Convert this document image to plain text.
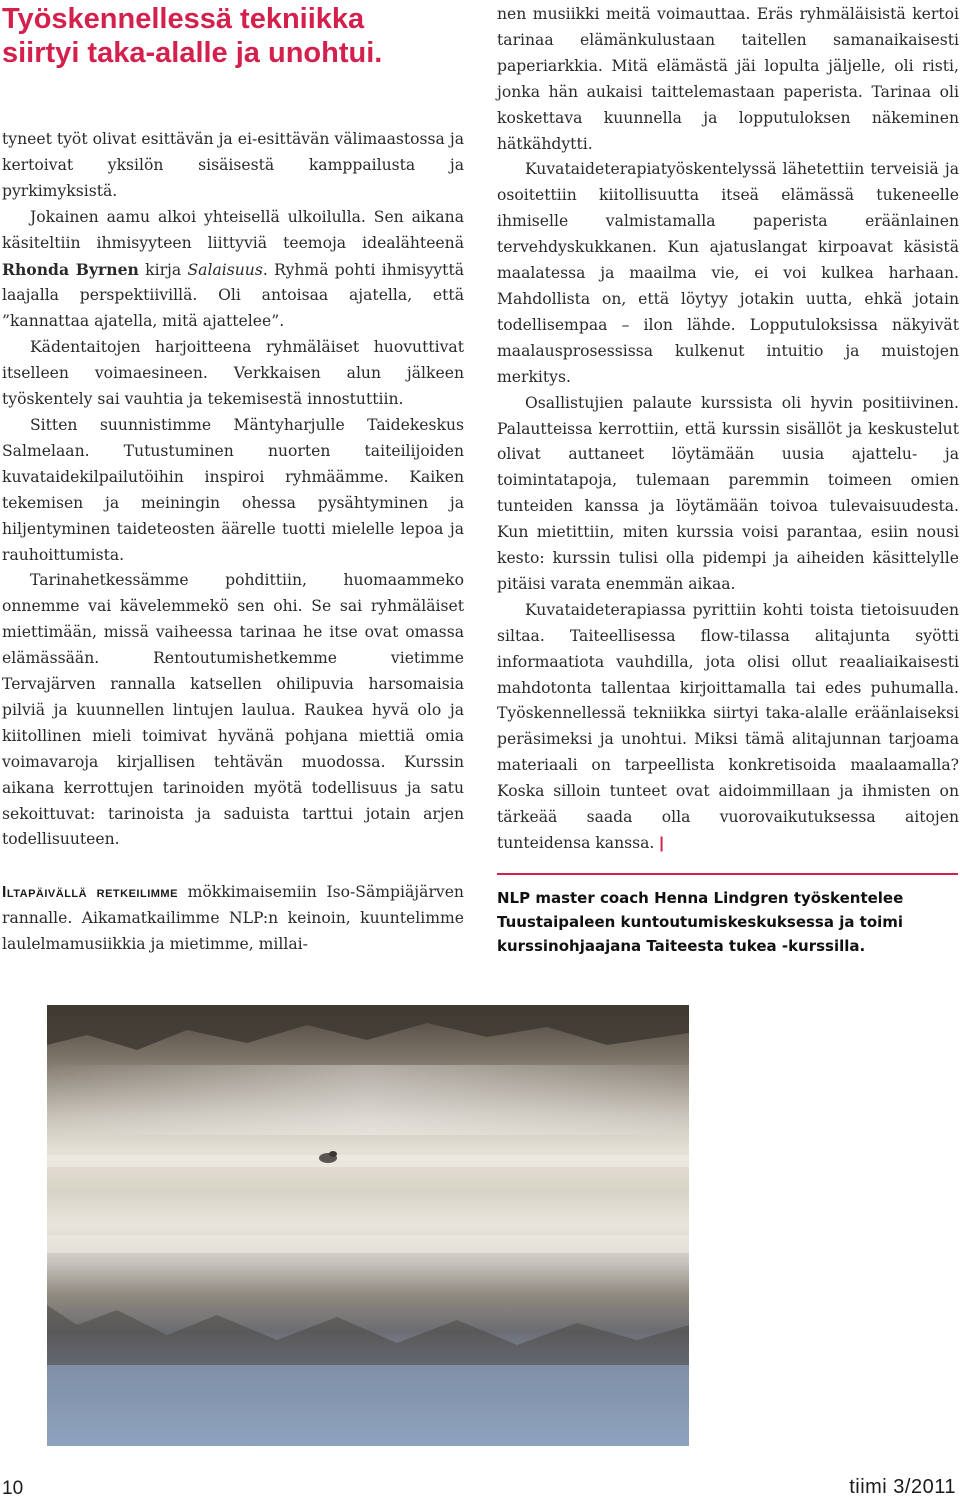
Työskennellessä tekniikka siirtyi taka-alalle ja unohtui.

tyneet työt olivat esittävän ja ei-esittävän välimaastossa ja kertoivat yksilön sisäisestä kamppailusta ja pyrkimyksistä.

Jokainen aamu alkoi yhteisellä ulkoilulla. Sen aikana käsiteltiin ihmisyyteen liittyviä teemoja idealähteenä Rhonda Byrnen kirja Salaisuus. Ryhmä pohti ihmisyyttä laajalla perspektiivillä. Oli antoisaa ajatella, että ”kannattaa ajatella, mitä ajattelee”.

Kädentaitojen harjoitteena ryhmäläiset huovuttivat itselleen voimaesineen. Verkkaisen alun jälkeen työskentely sai vauhtia ja tekemisestä innostuttiin.

Sitten suunnistimme Mäntyharjulle Taidekeskus Salmelaan. Tutustuminen nuorten taiteilijoiden kuvataidekilpailutöihin inspiroi ryhmäämme. Kaiken tekemisen ja meiningin ohessa pysähtyminen ja hiljentyminen taideteosten äärelle tuotti mielelle lepoa ja rauhoittumista.

Tarinahetkessämme pohdittiin, huomaammeko onnemme vai kävelemmekö sen ohi. Se sai ryhmäläiset miettimään, missä vaiheessa tarinaa he itse ovat omassa elämässään. Rentoutumishetkemme vietimme Tervajärven rannalla katsellen ohilipuvia harsomaisia pilviä ja kuunnellen lintujen laulua. Raukea hyvä olo ja kiitollinen mieli toimivat hyvänä pohjana miettiä omia voimavaroja kirjallisen tehtävän muodossa. Kurssin aikana kerrottujen tarinoiden myötä todellisuus ja satu sekoittuvat: tarinoista ja saduista tarttui jotain arjen todellisuuteen.

Iltapäivällä retkeilimme mökkimaisemiin Iso-Sämpiäjärven rannalle. Aikamatkailimme NLP:n keinoin, kuuntelimme laulelmamusiikkia ja mietimme, millai-

nen musiikki meitä voimauttaa. Eräs ryhmäläisistä kertoi tarinaa elämänkulustaan taitellen samanaikaisesti paperiarkkia. Mitä elämästä jäi lopulta jäljelle, oli risti, jonka hän aukaisi taittelemastaan paperista. Tarinaa oli koskettava kuunnella ja lopputuloksen näkeminen hätkähdytti.

Kuvataideterapiatyöskentelyssä lähetettiin terveisiä ja osoitettiin kiitollisuutta itseä elämässä tukeneelle ihmiselle valmistamalla paperista eräänlainen tervehdyskukkanen. Kun ajatuslangat kirpoavat käsistä maalatessa ja maailma vie, ei voi kulkea harhaan. Mahdollista on, että löytyy jotakin uutta, ehkä jotain todellisempaa – ilon lähde. Lopputuloksissa näkyivät maalausprosessissa kulkenut intuitio ja muistojen merkitys.

Osallistujien palaute kurssista oli hyvin positiivinen. Palautteissa kerrottiin, että kurssin sisällöt ja keskustelut olivat auttaneet löytämään uusia ajattelu- ja toimintatapoja, tulemaan paremmin toimeen omien tunteiden kanssa ja löytämään toivoa tulevaisuudesta. Kun mietittiin, miten kurssia voisi parantaa, esiin nousi kesto: kurssin tulisi olla pidempi ja aiheiden käsittelylle pitäisi varata enemmän aikaa.

Kuvataideterapiassa pyrittiin kohti toista tietoisuuden siltaa. Taiteellisessa flow-tilassa alitajunta syötti informaatiota vauhdilla, jota olisi ollut reaaliaikaisesti mahdotonta tallentaa kirjoittamalla tai edes puhumalla. Työskennellessä tekniikka siirtyi taka-alalle eräänlaiseksi peräsimeksi ja unohtui. Miksi tämä alitajunnan tarjoama materiaali on tarpeellista konkretisoida maalaamalla? Koska silloin tunteet ovat aidoimmillaan ja ihmisten on tärkeää saada olla vuorovaikutuksessa aitojen tunteidensa kanssa. |

NLP master coach Henna Lindgren työskentelee Tuustaipaleen kuntoutumiskeskuksessa ja toimi kurssinohjaajana Taiteesta tukea -kurssilla.

10	tiimi 3/2011
